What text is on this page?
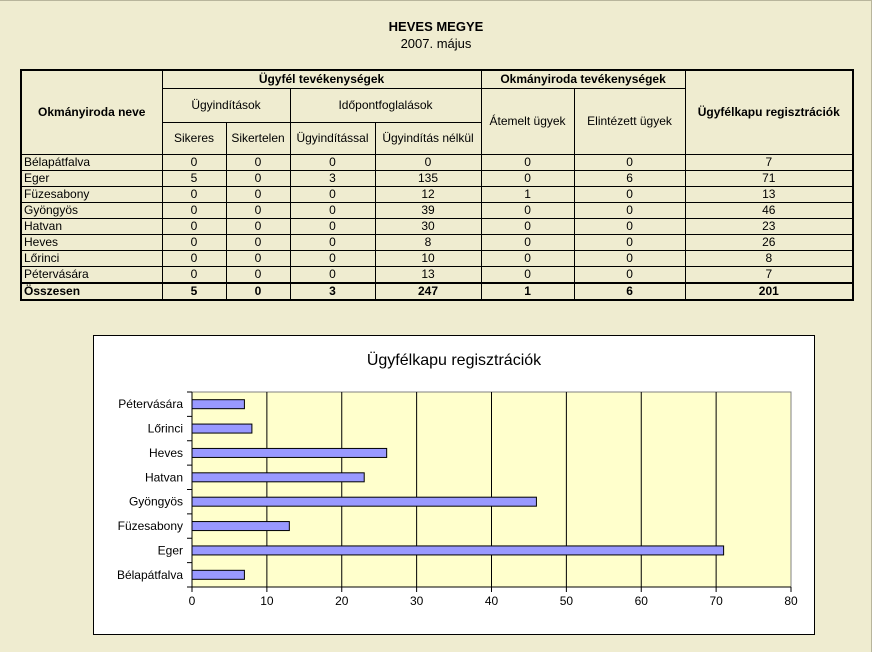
HEVES MEGYE
2007. május
Okmányiroda neve	Ügyfél tevékenységek				Okmányiroda tevékenységek		Ügyfélkapu regisztrációk
	Ügyindítások		Időpontfoglalások		Átemelt ügyek	Elintézett ügyek	
	Sikeres	Sikertelen	Ügyindítással	Ügyindítás nélkül			
Bélapátfalva	0	0	0	0	0	0	7
Eger	5	0	3	135	0	6	71
Füzesabony	0	0	0	12	1	0	13
Gyöngyös	0	0	0	39	0	0	46
Hatvan	0	0	0	30	0	0	23
Heves	0	0	0	8	0	0	26
Lőrinci	0	0	0	10	0	0	8
Pétervására	0	0	0	13	0	0	7
Összesen	5	0	3	247	1	6	201
Ügyfélkapu regisztrációk
0	10	20	30	40	50	60	70	80
Bélapátfalva
Eger
Füzesabony
Gyöngyös
Hatvan
Heves
Lőrinci
Pétervására
